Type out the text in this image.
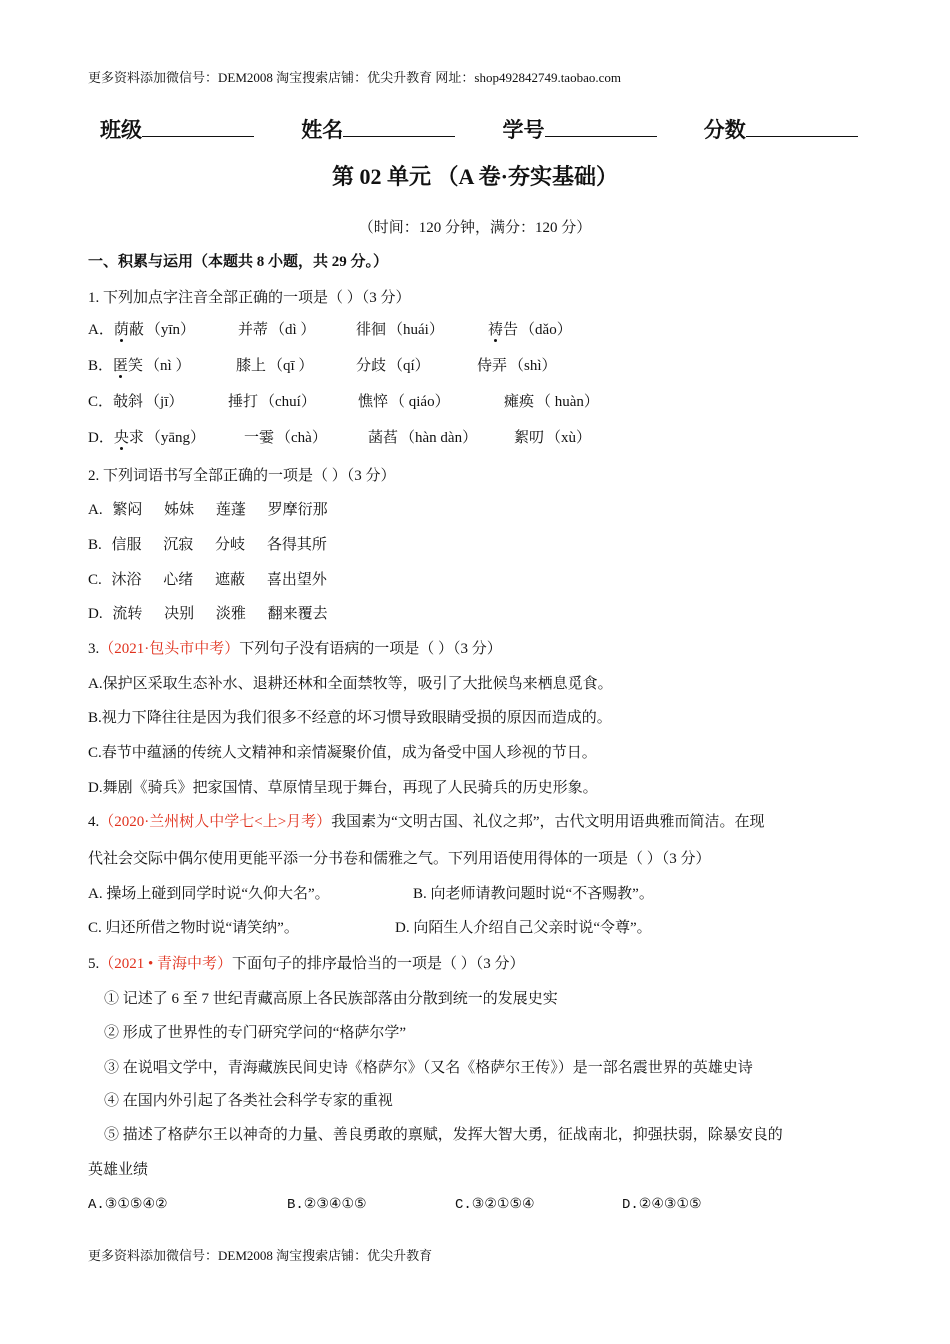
更多资料添加微信号：DEM2008 淘宝搜索店铺：优尖升教育 网址：shop492842749.taobao.com
班级	姓名	学号	分数
第 02 单元 （A 卷·夯实基础）
（时间：120 分钟，满分：120 分）
一、积累与运用（本题共 8 小题，共 29 分。）
1. 下列加点字注音全部正确的一项是（ ）（3 分）
A．荫蔽 （yīn）	并蒂 （dì ）	徘徊 （huái）	祷告 （dǎo）
B．匿笑 （nì ）	膝上 （qī ）	分歧 （qí）	侍弄 （shì）
C．攲斜 （jī）	捶打 （chuí）	憔悴 （ qiáo）	瘫痪 （ huàn）
D．央求 （yāng）	一霎 （chà）	菡萏 （hàn dàn） 絮叨 （xù）
2. 下列词语书写全部正确的一项是（ ）（3 分）
A. 繁闷 姊妹 莲蓬 罗摩衍那
B. 信服 沉寂 分岐 各得其所
C. 沐浴 心绪 遮蔽 喜出望外
D. 流转 决别 淡雅 翻来覆去
3.（2021·包头市中考）下列句子没有语病的一项是（ ）（3 分）
A.保护区采取生态补水、退耕还林和全面禁牧等，吸引了大批候鸟来栖息觅食。
B.视力下降往往是因为我们很多不经意的坏习惯导致眼睛受损的原因而造成的。
C.春节中蕴涵的传统人文精神和亲情凝聚价值，成为备受中国人珍视的节日。
D.舞剧《骑兵》把家国情、草原情呈现于舞台，再现了人民骑兵的历史形象。
4.（2020·兰州树人中学七<上>月考）我国素为“文明古国、礼仪之邦”，古代文明用语典雅而简洁。在现
代社会交际中偶尔使用更能平添一分书卷和儒雅之气。下列用语使用得体的一项是（ ）（3 分）
A. 操场上碰到同学时说“久仰大名”。	B. 向老师请教问题时说“不吝赐教”。
C. 归还所借之物时说“请笑纳”。	D. 向陌生人介绍自己父亲时说“令尊”。
5.（2021 • 青海中考）下面句子的排序最恰当的一项是（ ）（3 分）
① 记述了 6 至 7 世纪青藏高原上各民族部落由分散到统一的发展史实
② 形成了世界性的专门研究学问的“格萨尔学”
③ 在说唱文学中，青海藏族民间史诗《格萨尔》（又名《格萨尔王传》）是一部名震世界的英雄史诗
④ 在国内外引起了各类社会科学专家的重视
⑤ 描述了格萨尔王以神奇的力量、善良勇敢的禀赋，发挥大智大勇，征战南北，抑强扶弱，除暴安良的
英雄业绩
A.③①⑤④②	B.②③④①⑤	C.③②①⑤④	D.②④③①⑤
更多资料添加微信号：DEM2008 淘宝搜索店铺：优尖升教育
